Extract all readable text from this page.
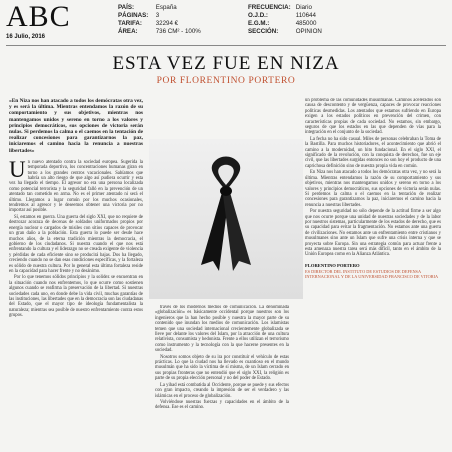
ABC
16 Julio, 2016
PAÍS:	España
PÁGINAS: 3
TARIFA: 32294 €
ÁREA:	736 CM² - 100%
FRECUENCIA: Diario
O.J.D.:	110644
E.G.M.:	485000
SECCIÓN:	OPINION
ESTA VEZ FUE EN NIZA
POR FLORENTINO PORTERO

«En Niza nos han atacado a todos los demócratas otra vez, y es será la última. Mientras entendamos la razón de su comportamiento y sus objetivos, mientras nos mantengamos unidos y sereno en torno a los valores y principios democráticos, sus opciones de victoria serán nulas. Si perdemos la calma o el caemos en la tentación de realizar concesiones para garantizarnos la paz, iniciaremos el camino hacia la renuncia a nuestras libertades»

U n nuevo atentado contra la sociedad europea. Sugerida la temporada deportiva, los concentraciones humanas giran en torno a los grandes centros vacacionales. Sabíamos que habría un alto riesgo de que algo así pudiera ocurrir y esta vez ha llegado el tiempo. El agresor no era una persona localizada como potencial terrorista y la seguridad falló en la prevención de un atentado tan cometido en arma. No es el primer atentado ni será el último. Llegamos a lugar común por los muchos ocasionales, tendremos al agresor y le deseemos obtener una victoria por no importar así posible.

Sí, estamos en guerra. Una guerra del siglo XXI, que no requiere de destrozar acoraza de decenas de soldados uniformados propios por energía nuclear o cargados de misiles con sitios capaces de provocar un gran daño a la población. Esta guerra lo puede ser desde hace muchos años, de la eterna tradición mientras la democracia, el gobierno de los ciudadanos. Si nuestra cuando el que nos está enfrentando la cultura y el liderazgo no se creada exigente de violencia y pérdidas de cada eficiente sino se producirá bajas. Dos ha llegado, creciendo cuando no se dan esas condiciones específicas, y la fortaleza es sólido de nuestra cultura. Por lo general esta última fortaleza reside en la capacidad para hacer frente y no desánimo.

Por lo que tenemos sólidos principios y la solidez se encuentran en la situación cuando nos enfrentemos, lo que ocurre como sostienen algunos cuando se reafirma la preservación de la libertad. Si nuestras sociedades cada uno, en donde debe la vida civil, muchas garantías de las instituciones, las libertades que en la democracia son las ciudadanas del Estado, que el mayor tipo de ideología fundamentalista la naturaleza; mientras sea posible de nuestro enfrentamiento contra estos grupos.

través de los modernos medios de comunicación. La denominada «globalización» es básicamente occidental porque nuestros son los ingenieros que la han hecho posible y nuestra la mayor parte de su contenido que inundan los medios de comunicación. Los islamistas temen que una sociedad internacional crecientemente globalizada se lleve por delante los valores del Islam, por la atracción de una cultura relativista, consumista y hedonista. Frente a ellos utilizan el terrorismo como instrumento y la tecnología con la que hacerse presentes en la sociedad.

Nosotros somos objeto de su ira por constituir el vehículo de estas prácticas. Lo que la ciudad nos ha llevado es cuantioso en el mundo musulmán que ha sido la víctima de sí misma, de un Islam cerrado en sus propias fronteras que no entendió que el siglo XXI, la religión es parte de su propia elección personal y no del poder de Estado.

La yihad está combatida al Occidente, porque se puede y sus efectos con gran impacto, creando la impresión de ser el verdadero y las islámicas en el proceso de globalización.

Volviéndose nuestras fuerzas y capacidades en el ámbito de la defensa. Ese es el camino.

un problema de las comunidades musulmanas. Caminos acelerados son causa de descontento y de vergüenza, capaces de provocar reacciones políticas desmedidas. Los atentados que estamos sufriendo en Europa exigen a los estados políticos en prevención del crimen, con características propias de cada sociedad. No estamos, sin embargo, seguros de que los estados en las que dependen de vías para la integración en el conjunto de la sociedad.

La fecha no ha sido casual. Miles de personas celebraban la Toma de la Bastilla. Para muchos historiadores, el acontecimiento que abrió el camino a la modernidad, un hito fundacional. En el siglo XXI, el significado de la revolución, con la conquista de derechos, fue un eje civil, que las libertades surgidas entonces no son hoy el producto de una caprichosa definición sino de nuestra propia vida en común.

En Niza nos han atacado a todos los demócratas otra vez, y no será la última. Mientras entendamos la razón de su comportamiento y sus objetivos, mientras nos mantengamos unidos y sereno en torno a los valores y principios democráticos, sus opciones de victoria serán nulas. Si perdemos la calma o el caemos en la tentación de realizar concesiones para garantizarnos la paz, iniciaremos el camino hacia la renuncia a nuestras libertades.

Por nuestra seguridad no sólo depende de la actitud firme a ser algo que nos ocurre porque una unidad de nuestras sociedades y de la labor por nuestros sistemas, particularmente de los estados de derecho, que es su capacidad para evitar la fragmentación. No estamos ante una guerra de civilizaciones. No estamos ante un enfrentamiento entre cristianos y musulmanes sino ante un Islam que sufre una crisis interna y que se proyecta sobre Europa. Sin una estrategia común para actuar frente a esta amenaza nuestra tarea será más difícil, tanto en el ámbito de la Unión Europea como en la Alianza Atlántica.

FLORENTINO PORTERO
ES DIRECTOR DEL INSTITUTO DE ESTUDIOS DE DEFENSA INTERNACIONAL Y DE LA UNIVERSIDAD FRANCISCO DE VITORIA
